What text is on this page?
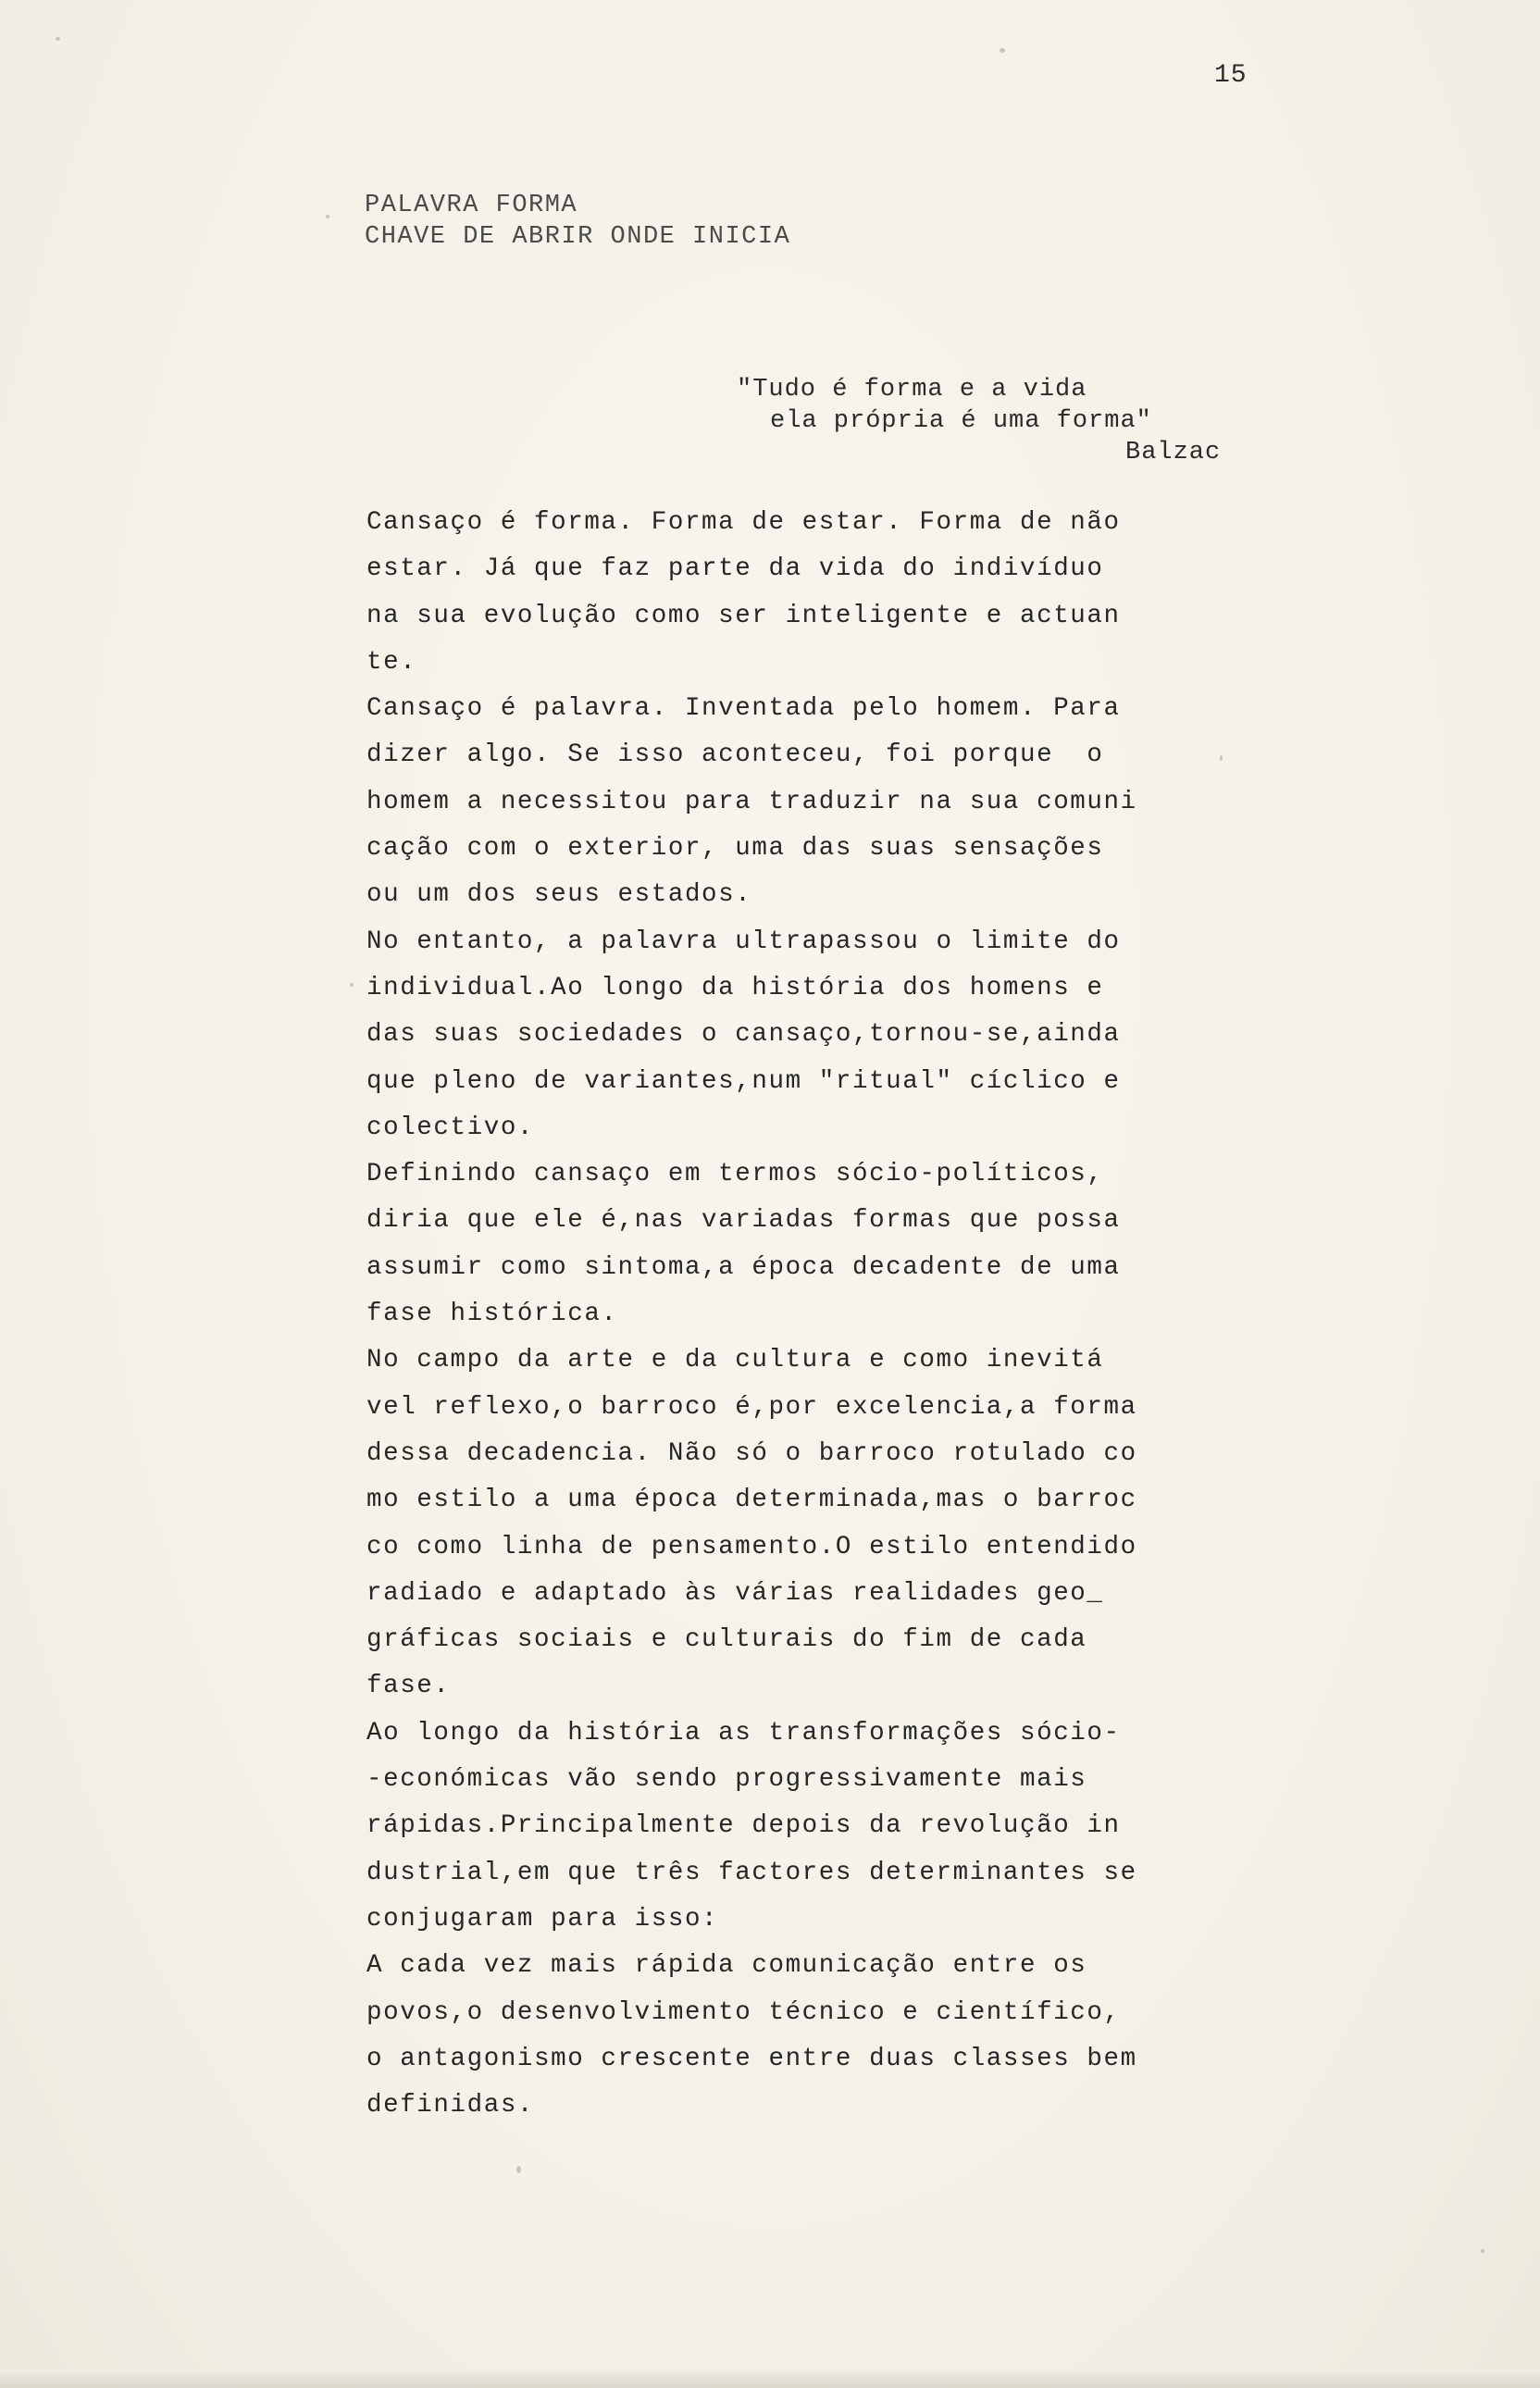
15
PALAVRA FORMA
CHAVE DE ABRIR ONDE INICIA
"Tudo é forma e a vida
ela própria é uma forma"
Balzac
Cansaço é forma. Forma de estar. Forma de não
estar. Já que faz parte da vida do indivíduo
na sua evolução como ser inteligente e actuan
te.
Cansaço é palavra. Inventada pelo homem. Para
dizer algo. Se isso aconteceu, foi porque  o
homem a necessitou para traduzir na sua comuni
cação com o exterior, uma das suas sensações
ou um dos seus estados.
No entanto, a palavra ultrapassou o limite do
individual.Ao longo da história dos homens e
das suas sociedades o cansaço,tornou-se,ainda
que pleno de variantes,num "ritual" cíclico e
colectivo.
Definindo cansaço em termos sócio-políticos,
diria que ele é,nas variadas formas que possa
assumir como sintoma,a época decadente de uma
fase histórica.
No campo da arte e da cultura e como inevitá
vel reflexo,o barroco é,por excelencia,a forma
dessa decadencia. Não só o barroco rotulado co
mo estilo a uma época determinada,mas o barroc
co como linha de pensamento.O estilo entendido
radiado e adaptado às várias realidades geo_
gráficas sociais e culturais do fim de cada
fase.
Ao longo da história as transformações sócio-
-económicas vão sendo progressivamente mais
rápidas.Principalmente depois da revolução in
dustrial,em que três factores determinantes se
conjugaram para isso:
A cada vez mais rápida comunicação entre os
povos,o desenvolvimento técnico e científico,
o antagonismo crescente entre duas classes bem
definidas.
